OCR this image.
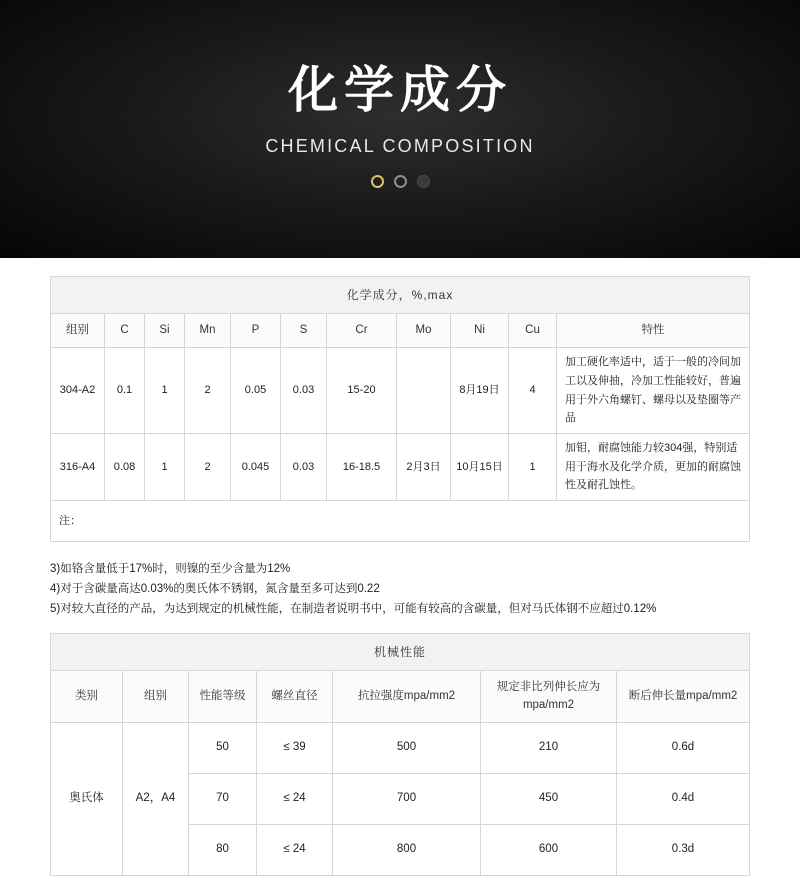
化学成分
CHEMICAL COMPOSITION
化学成分，%,max										
组别	C	Si	Mn	P	S	Cr	Mo	Ni	Cu	特性
304-A2	0.1	1	2	0.05	0.03	15-20		8月19日	4	加工硬化率适中，适于一般的冷间加工以及伸抽，冷加工性能较好，普遍用于外六角螺钉、螺母以及垫圈等产品
316-A4	0.08	1	2	0.045	0.03	16-18.5	2月3日	10月15日	1	加钼，耐腐蚀能力较304强，特别适用于海水及化学介质，更加的耐腐蚀性及耐孔蚀性。
注：										
3)如铬含量低于17%时，则镍的至少含量为12%
4)对于含碳量高达0.03%的奥氏体不锈钢，氮含量至多可达到0.22
5)对较大直径的产品，为达到规定的机械性能，在制造者说明书中，可能有较高的含碳量，但对马氏体钢不应超过0.12%
机械性能						
类别	组别	性能等级	螺丝直径	抗拉强度mpa/mm2	规定非比列伸长应为mpa/mm2	断后伸长量mpa/mm2
奥氏体	A2，A4	50	≤ 39	500	210	0.6d
		70	≤ 24	700	450	0.4d
		80	≤ 24	800	600	0.3d
